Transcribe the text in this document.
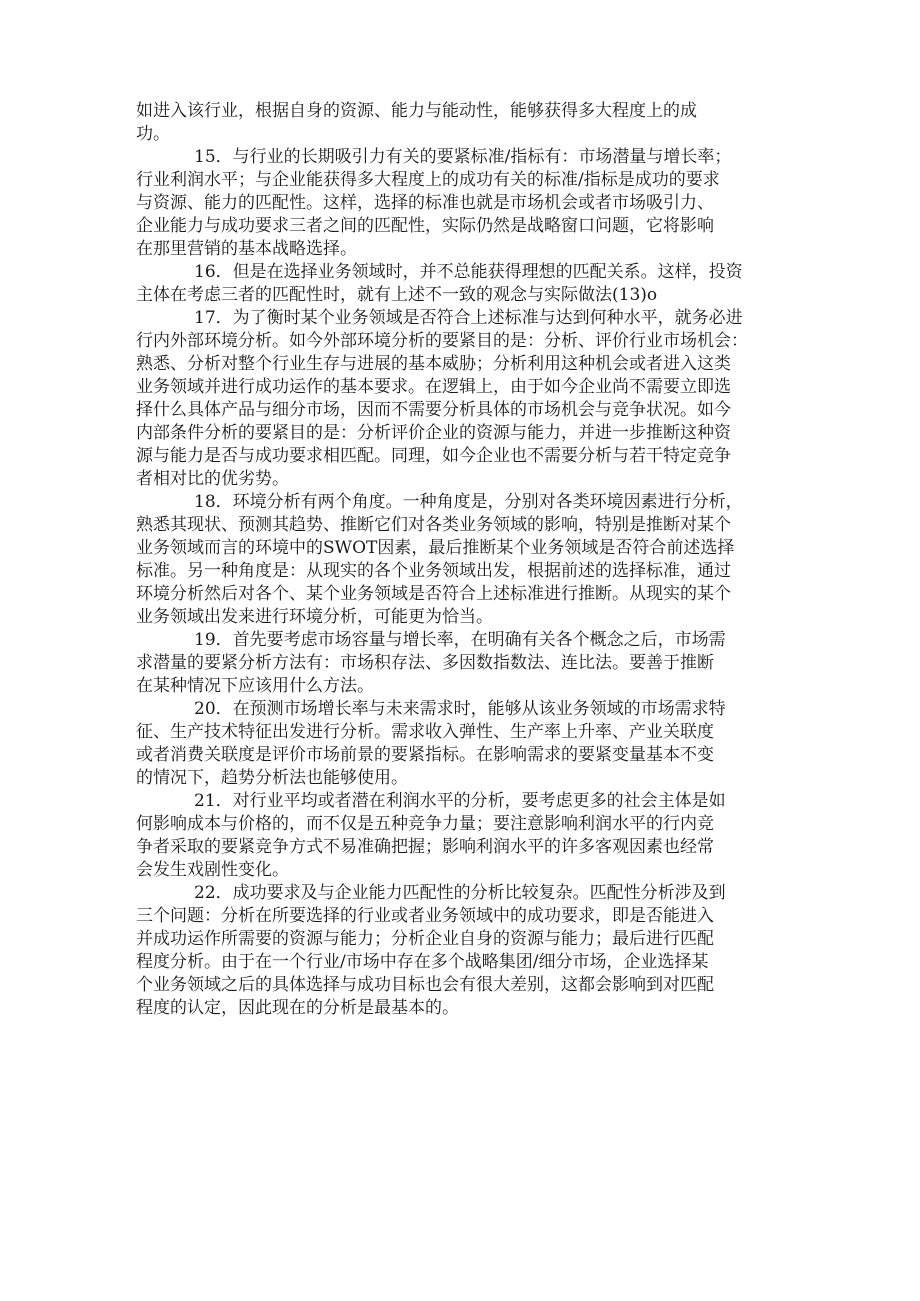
如进入该行业，根据自身的资源、能力与能动性，能够获得多大程度上的成
功。
15．与行业的长期吸引力有关的要紧标准/指标有：市场潜量与增长率；
行业利润水平；与企业能获得多大程度上的成功有关的标准/指标是成功的要求
与资源、能力的匹配性。这样，选择的标准也就是市场机会或者市场吸引力、
企业能力与成功要求三者之间的匹配性，实际仍然是战略窗口问题，它将影响
在那里营销的基本战略选择。
16．但是在选择业务领域时，并不总能获得理想的匹配关系。这样，投资
主体在考虑三者的匹配性时，就有上述不一致的观念与实际做法(13)o
17．为了衡时某个业务领域是否符合上述标准与达到何种水平，就务必进
行内外部环境分析。如今外部环境分析的要紧目的是：分析、评价行业市场机会：
熟悉、分析对整个行业生存与进展的基本威胁；分析利用这种机会或者进入这类
业务领域并进行成功运作的基本要求。在逻辑上，由于如今企业尚不需要立即选
择什么具体产品与细分市场，因而不需要分析具体的市场机会与竞争状况。如今
内部条件分析的要紧目的是：分析评价企业的资源与能力，并进一步推断这种资
源与能力是否与成功要求相匹配。同理，如今企业也不需要分析与若干特定竞争
者相对比的优劣势。
18．环境分析有两个角度。一种角度是，分别对各类环境因素进行分析，
熟悉其现状、预测其趋势、推断它们对各类业务领域的影响，特别是推断对某个
业务领域而言的环境中的SWOT因素，最后推断某个业务领域是否符合前述选择
标准。另一种角度是：从现实的各个业务领域出发，根据前述的选择标准，通过
环境分析然后对各个、某个业务领域是否符合上述标准进行推断。从现实的某个
业务领域出发来进行环境分析，可能更为恰当。
19．首先要考虑市场容量与增长率，在明确有关各个概念之后，市场需
求潜量的要紧分析方法有：市场积存法、多因数指数法、连比法。要善于推断
在某种情况下应该用什么方法。
20．在预测市场增长率与未来需求时，能够从该业务领域的市场需求特
征、生产技术特征出发进行分析。需求收入弹性、生产率上升率、产业关联度
或者消费关联度是评价市场前景的要紧指标。在影响需求的要紧变量基本不变
的情况下，趋势分析法也能够使用。
21．对行业平均或者潜在利润水平的分析，要考虑更多的社会主体是如
何影响成本与价格的，而不仅是五种竞争力量；要注意影响利润水平的行内竞
争者采取的要紧竞争方式不易准确把握；影响利润水平的许多客观因素也经常
会发生戏剧性变化。
22．成功要求及与企业能力匹配性的分析比较复杂。匹配性分析涉及到
三个问题：分析在所要选择的行业或者业务领域中的成功要求，即是否能进入
并成功运作所需要的资源与能力；分析企业自身的资源与能力；最后进行匹配
程度分析。由于在一个行业/市场中存在多个战略集团/细分市场，企业选择某
个业务领域之后的具体选择与成功目标也会有很大差别，这都会影响到对匹配
程度的认定，因此现在的分析是最基本的。
